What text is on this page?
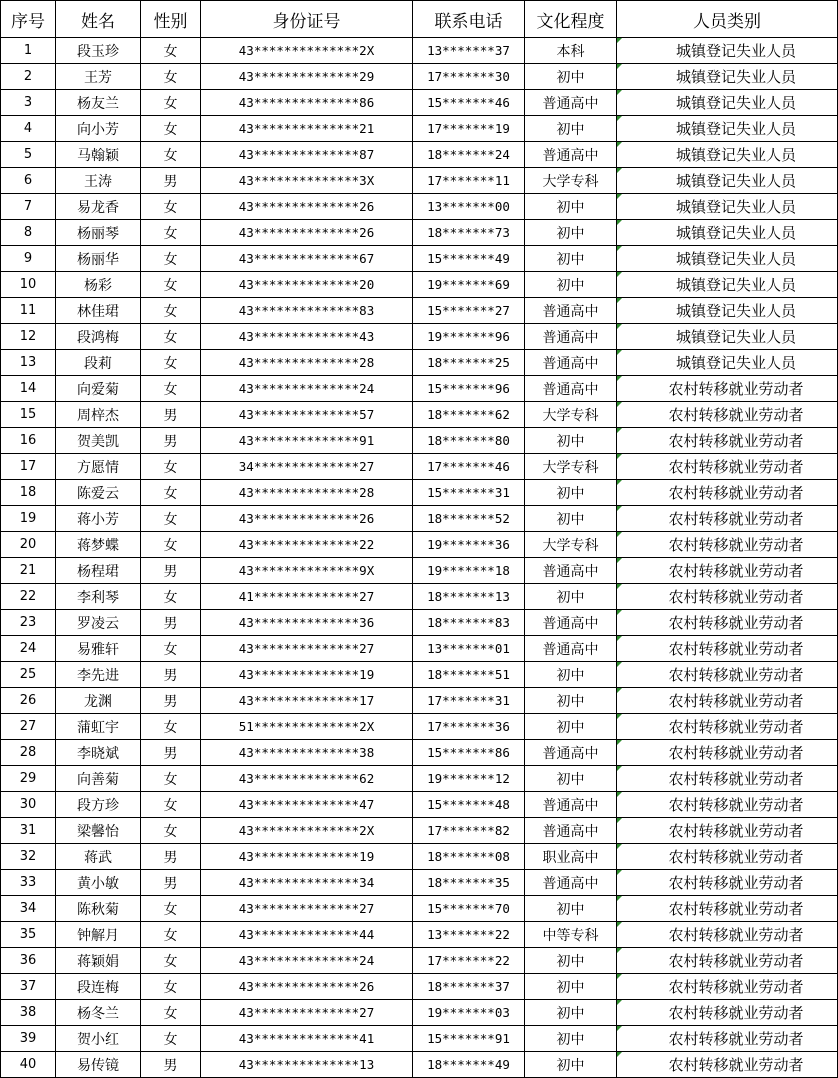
序号	姓名	性别	身份证号	联系电话	文化程度	人员类别
1	段玉珍	女	43**************2X	13*******37	本科	城镇登记失业人员
2	王芳	女	43**************29	17*******30	初中	城镇登记失业人员
3	杨友兰	女	43**************86	15*******46	普通高中	城镇登记失业人员
4	向小芳	女	43**************21	17*******19	初中	城镇登记失业人员
5	马翰颖	女	43**************87	18*******24	普通高中	城镇登记失业人员
6	王涛	男	43**************3X	17*******11	大学专科	城镇登记失业人员
7	易龙香	女	43**************26	13*******00	初中	城镇登记失业人员
8	杨丽琴	女	43**************26	18*******73	初中	城镇登记失业人员
9	杨丽华	女	43**************67	15*******49	初中	城镇登记失业人员
10	杨彩	女	43**************20	19*******69	初中	城镇登记失业人员
11	林佳珺	女	43**************83	15*******27	普通高中	城镇登记失业人员
12	段鸿梅	女	43**************43	19*******96	普通高中	城镇登记失业人员
13	段莉	女	43**************28	18*******25	普通高中	城镇登记失业人员
14	向爱菊	女	43**************24	15*******96	普通高中	农村转移就业劳动者
15	周梓杰	男	43**************57	18*******62	大学专科	农村转移就业劳动者
16	贺美凯	男	43**************91	18*******80	初中	农村转移就业劳动者
17	方愿情	女	34**************27	17*******46	大学专科	农村转移就业劳动者
18	陈爱云	女	43**************28	15*******31	初中	农村转移就业劳动者
19	蒋小芳	女	43**************26	18*******52	初中	农村转移就业劳动者
20	蒋梦蝶	女	43**************22	19*******36	大学专科	农村转移就业劳动者
21	杨程珺	男	43**************9X	19*******18	普通高中	农村转移就业劳动者
22	李利琴	女	41**************27	18*******13	初中	农村转移就业劳动者
23	罗凌云	男	43**************36	18*******83	普通高中	农村转移就业劳动者
24	易雅轩	女	43**************27	13*******01	普通高中	农村转移就业劳动者
25	李先进	男	43**************19	18*******51	初中	农村转移就业劳动者
26	龙渊	男	43**************17	17*******31	初中	农村转移就业劳动者
27	蒲虹宇	女	51**************2X	17*******36	初中	农村转移就业劳动者
28	李晓斌	男	43**************38	15*******86	普通高中	农村转移就业劳动者
29	向善菊	女	43**************62	19*******12	初中	农村转移就业劳动者
30	段方珍	女	43**************47	15*******48	普通高中	农村转移就业劳动者
31	梁馨怡	女	43**************2X	17*******82	普通高中	农村转移就业劳动者
32	蒋武	男	43**************19	18*******08	职业高中	农村转移就业劳动者
33	黄小敏	男	43**************34	18*******35	普通高中	农村转移就业劳动者
34	陈秋菊	女	43**************27	15*******70	初中	农村转移就业劳动者
35	钟解月	女	43**************44	13*******22	中等专科	农村转移就业劳动者
36	蒋颖娟	女	43**************24	17*******22	初中	农村转移就业劳动者
37	段连梅	女	43**************26	18*******37	初中	农村转移就业劳动者
38	杨冬兰	女	43**************27	19*******03	初中	农村转移就业劳动者
39	贺小红	女	43**************41	15*******91	初中	农村转移就业劳动者
40	易传镜	男	43**************13	18*******49	初中	农村转移就业劳动者
